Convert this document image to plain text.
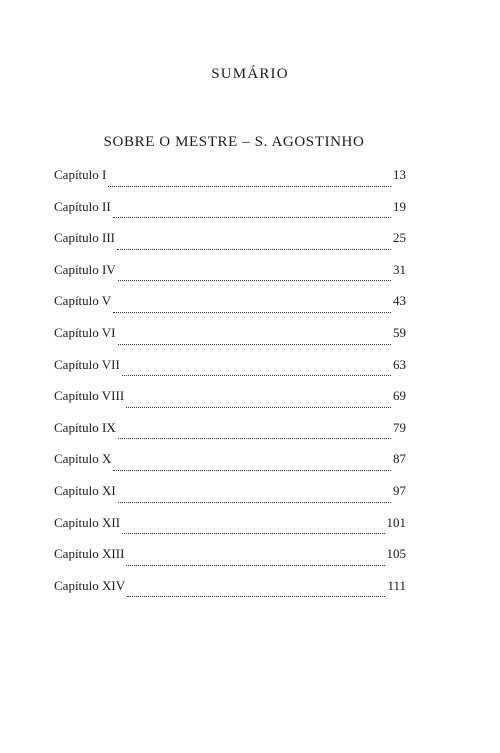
SUMÁRIO
SOBRE O MESTRE – S. AGOSTINHO
Capítulo I	13
Capítulo II	19
Capítulo III	25
Capítulo IV	31
Capítulo V	43
Capítulo VI	59
Capítulo VII	63
Capítulo VIII	69
Capítulo IX	79
Capítulo X	87
Capítulo XI	97
Capítulo XII	101
Capítulo XIII	105
Capítulo XIV	111
